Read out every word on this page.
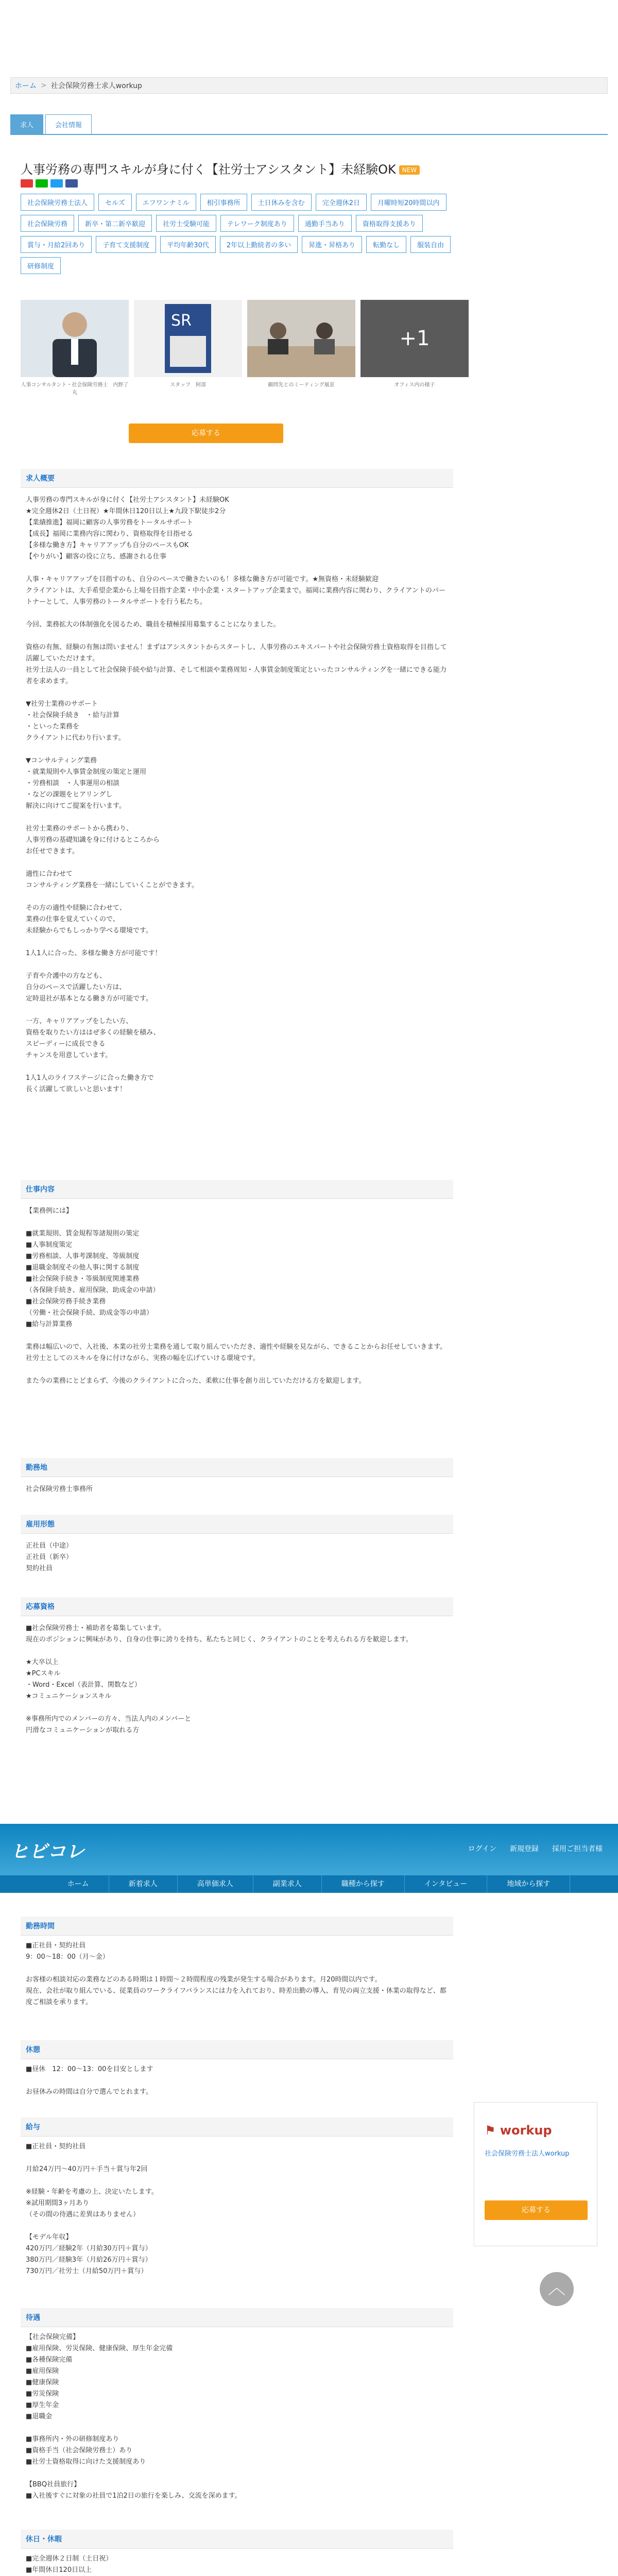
ホーム > 社会保険労務士求人workup
求人	会社情報
人事労務の専門スキルが身に付く【社労士アシスタント】未経験OK NEW
社会保険労務士法人	セルズ	エフワンナミル	相引事務所	土日休みを含む	完全週休2日	月曜時短20時間以内
社会保険労務	新卒・第二新卒歓迎	社労士受験可能	テレワーク制度あり	通勤手当あり	資格取得支援あり
賞与・月給2回あり	子育て支援制度	平均年齢30代	2年以上勤続者の多い	昇進・昇格あり	転勤なし	服装自由
研修制度
人事コンサルタント・社会保険労務士　内野了丸
SR
スタッフ　阿部	顧問先とのミーティング風景
+1
オフィス内の様子
応募する
求人概要
人事労務の専門スキルが身に付く【社労士アシスタント】未経験OK
★完全週休2日（土日祝）★年間休日120日以上★九段下駅徒歩2分
【業績推進】福岡に顧客の人事労務をトータルサポート
【成長】福岡に業務内容に関わり、資格取得を目指せる
【多様な働き方】キャリアアップも自分のペースもOK
【やりがい】顧客の役に立ち、感謝される仕事

人事・キャリアアップを目指すのも、自分のペースで働きたいのも！多様な働き方が可能です。★無資格・未経験歓迎
クライアントは、大手希望企業から上場を目指す企業・中小企業・スタートアップ企業まで。福岡に業務内容に関わり、クライアントのパートナーとして、人事労務のトータルサポートを行う私たち。

今回、業務拡大の体制強化を図るため、職員を積極採用募集することになりました。

資格の有無、経験の有無は問いません！まずはアシスタントからスタートし、人事労務のエキスパートや社会保険労務士資格取得を目指して活躍していただけます。
社労士法人の一員として社会保険手続や給与計算、そして相談や業務周知・人事賃金制度策定といったコンサルティングを一緒にできる能力者を求めます。

▼社労士業務のサポート
・社会保険手続き　・給与計算
・といった業務を
クライアントに代わり行います。

▼コンサルティング業務
・就業規則や人事賃金制度の策定と運用
・労務相談　・人事運用の相談
・などの課題をヒアリングし
解決に向けてご提案を行います。

社労士業務のサポートから携わり、
人事労務の基礎知識を身に付けるところから
お任せできます。

適性に合わせて
コンサルティング業務を一緒にしていくことができます。

その方の適性や経験に合わせて、
業務の仕事を覚えていくので、
未経験からでもしっかり学べる環境です。

1人1人に合った、多様な働き方が可能です！

子育や介護中の方なども、
自分のペースで活躍したい方は、
定時退社が基本となる働き方が可能です。

一方、キャリアアップをしたい方、
資格を取りたい方ははぜ多くの経験を積み、
スピーディーに成長できる
チャンスを用意しています。

1人1人のライフステージに合った働き方で
長く活躍して欲しいと思います！
仕事内容
【業務例には】

■就業規則、賃金規程等諸規則の策定
■人事制度策定
■労務相談、人事考課制度、等級制度
■退職金制度その他人事に関する制度
■社会保険手続き・等級制度関連業務
（各保険手続き、雇用保険、助成金の申請）
■社会保険労務手続き業務
（労働・社会保険手続、助成金等の申請）
■給与計算業務

業務は幅広いので、入社後、本業の社労士業務を通して取り組んでいただき、適性や経験を見ながら、できることからお任せしていきます。社労士としてのスキルを身に付けながら、実務の幅を広げていける環境です。

また今の業務にとどまらず、今後のクライアントに合った、柔軟に仕事を創り出していただける方を歓迎します。
勤務地
社会保険労務士事務所
雇用形態
正社員（中途）
正社員（新卒）
契約社員
応募資格
■社会保険労務士・補助者を募集しています。
現在のポジションに興味があり、自身の仕事に誇りを持ち、私たちと同じく、クライアントのことを考えられる方を歓迎します。

★大卒以上
★PCスキル
・Word・Excel（表計算、関数など）
★コミュニケーションスキル

※事務所内でのメンバーの方々、当法人内のメンバーと
円滑なコミュニケーションが取れる方
ヒビコレ	ログイン 新規登録 採用ご担当者様
ホーム	新着求人	高単価求人	副業求人	職種から探す	インタビュー	地域から探す
勤務時間
■正社員・契約社員
9：00〜18：00（月〜金）

お客様の相談対応の業務などのある時期は１時間〜２時間程度の残業が発生する場合があります。月20時間以内です。
現在、会社が取り組んでいる、従業員のワークライフバランスには力を入れており、時差出勤の導入、育児の両立支援・休業の取得など、都度ご相談を承ります。
休憩
■昼休　12：00〜13：00を目安とします

お昼休みの時間は自分で選んでとれます。
給与
■正社員・契約社員

月給24万円〜40万円＋手当＋賞与年2回

※経験・年齢を考慮の上、決定いたします。
※試用期間3ヶ月あり
（その間の待遇に差異はありません）

【モデル年収】
420万円／経験2年（月給30万円＋賞与）
380万円／経験3年（月給26万円＋賞与）
730万円／社労士（月給50万円＋賞与）
待遇
【社会保険完備】
■雇用保険、労災保険、健康保険、厚生年金完備
■各種保険完備
■雇用保険
■健康保険
■労災保険
■厚生年金
■退職金

■事務所内・外の研修制度あり
■資格手当（社会保険労務士）あり
■社労士資格取得に向けた支援制度あり

【BBQ社員旅行】
■入社後すぐに対象の社員で1泊2日の旅行を楽しみ、交流を深めます。
休日・休暇
■完全週休２日制（土日祝）
■年間休日120日以上

⚑ workup
社会保険労務士法人workup
応募する
︿
